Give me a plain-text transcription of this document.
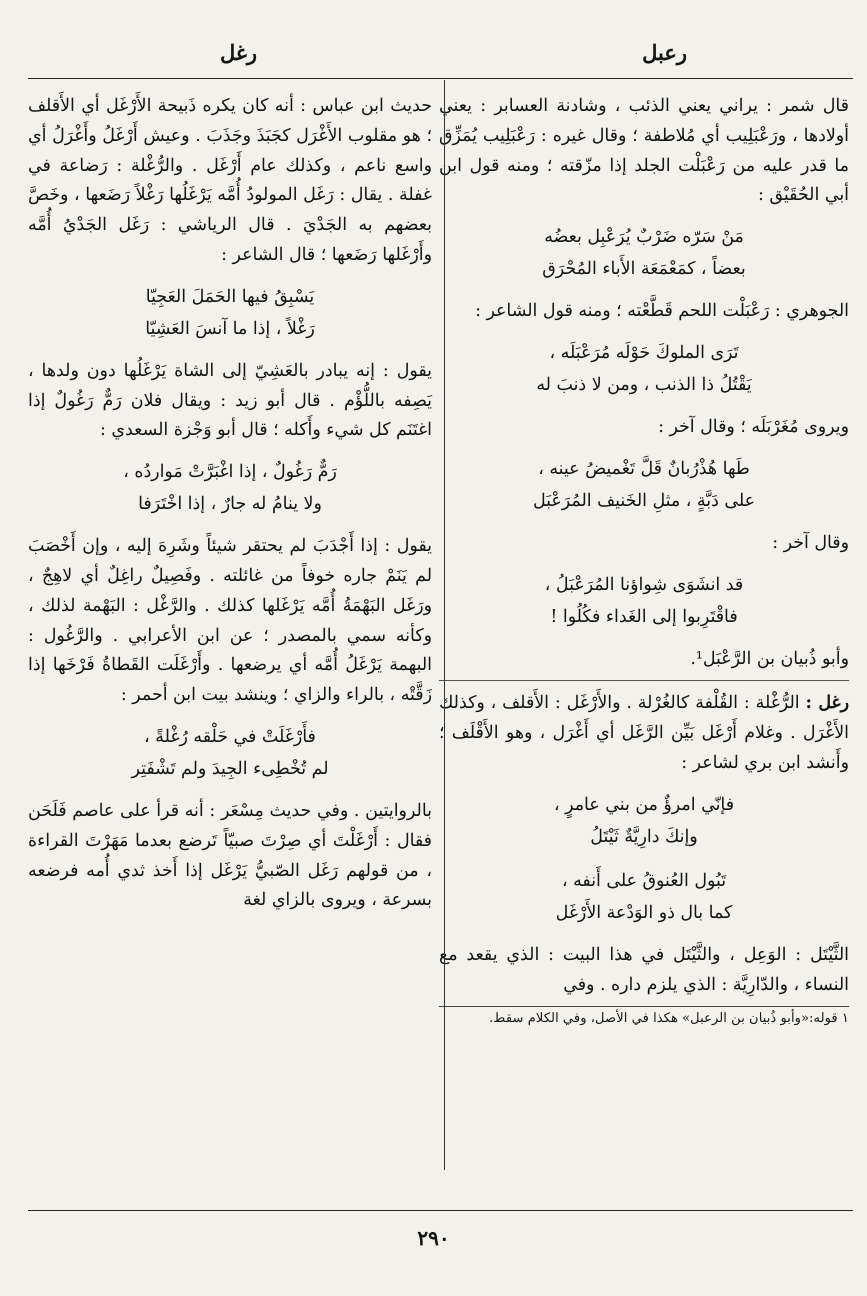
رعبل
رغل

قال شمر : يراني يعني الذئب ، وشادنة العسابر : يعني أولادها ، ورَعْبَلِيب أي مُلاطفة ؛ وقال غيره : رَعْبَلِيب يُمَزِّق ما قدر عليه من رَعْبَلْت الجلد إذا مزّقته ؛ ومنه قول ابن أبي الحُقَيْق :

مَنْ سَرّه ضَرْبٌ يُرَعْبِل بعضُه
بعضاً ، كمَعْمَعَة الأَباء المُحْرَق

الجوهري : رَعْبَلْت اللحم قَطَّعْته ؛ ومنه قول الشاعر :

تَرَى الملوكَ حَوْلَه مُرَعْبَلَه ،
يَقْتُلُ ذا الذنب ، ومن لا ذنبَ له

ويروى مُغَرْبَلَه ؛ وقال آخر :

طَها هُذْرُبانٌ قَلَّ تَغْميضُ عينه ،
على دَبَّةٍ ، مثلِ الخَنيف المُرَعْبَل

وقال آخر :

قد انشَوَى شِواؤنا المُرَعْبَلُ ،
فاقْتَرِبوا إلى الغَداء فكُلُوا !

وأبو ذُبيان بن الرَّعْبَل¹.

رغل : الرُّغْلة : القُلْفة كالغُرْلة . والأَرْغَل : الأَقلف ، وكذلك الأَغْرَل . وغلام أَرْغَل بَيِّن الرَّغَل أي أَغْرَل ، وهو الأَقْلَف ؛ وأَنشد ابن بري لشاعر :

فإنّي امرؤٌ من بني عامرٍ ،
وإنكَ دارِيَّةٌ ثَيْتَلُ
تَبُول العُنوقُ على أَنفه ،
كما بال ذو الوَدْعة الأَرْغَل

الثَّيْتَل : الوَعِل ، والثَّيْتَل في هذا البيت : الذي يقعد مع النساء ، والدّارِيَّة : الذي يلزم داره . وفي

١ قوله:«وأبو ذُبيان بن الرعبل» هكذا في الأصل، وفي الكلام سقط.

حديث ابن عباس : أنه كان يكره ذَبيحة الأَرْغَل أي الأَقلف ؛ هو مقلوب الأَغْرَل كجَبَذَ وجَذَبَ . وعيش أَرْغَلُ وأَغْرَلُ أي واسع ناعم ، وكذلك عام أَرْغَل . والرُّغْلة : رَضاعة في غفلة . يقال : رَغَل المولودُ أُمَّه يَرْغَلُها رَغْلاً رَضَعها ، وخَصَّ بعضهم به الجَدْيَ . قال الرياشي : رَغَل الجَدْيُ أُمَّه وأَرْغَلها رَضَعها ؛ قال الشاعر :

يَسْبِقُ فيها الحَمَلَ العَجِيّا
رَغْلاً ، إذا ما آنسَ العَشِيّا

يقول : إنه يبادر بالعَشِيّ إلى الشاة يَرْغَلُها دون ولدها ، يَصِفه باللُّؤْم . قال أبو زيد : ويقال فلان رَمٌّ رَغُولٌ إذا اغتَنَم كل شيء وأَكله ؛ قال أبو وَجْزة السعدي :

رَمٌّ رَغُولٌ ، إذا اغْبَرَّتْ مَواردُه ،
ولا ينامُ له جارٌ ، إذا اخْتَرَفا

يقول : إذا أَجْدَبَ لم يحتقر شيئاً وشَرِهَ إليه ، وإن أَخْصَبَ لم يَنَمْ جاره خوفاً من غائلته . وفَصِيلٌ راغِلٌ أي لاهِجٌ ، ورَغَل البَهْمَةُ أُمَّه يَرْغَلها كذلك . والرَّغْل : البَهْمة لذلك ، وكأنه سمي بالمصدر ؛ عن ابن الأعرابي . والرَّغُول : البهمة يَرْغَلُ أُمَّه أي يرضعها . وأَرْغَلَت القَطاةُ فَرْخَها إذا زَقَّتْه ، بالراء والزاي ؛ وينشد بيت ابن أحمر :

فأَرْغَلَتْ في حَلْقه رُغْلةً ،
لم تُخْطِىء الجِيدَ ولم تَشْفَتِر

بالروايتين . وفي حديث مِسْعَر : أنه قرأ على عاصم فَلَحَن فقال : أَرْغَلْتَ أي صِرْتَ صبيّاً تَرضع بعدما مَهَرْتَ القراءة ، من قولهم رَغَل الصّبيُّ يَرْغَل إذا أَخذ ثدي أُمه فرضعه بسرعة ، ويروى بالزاي لغة

٢٩٠
